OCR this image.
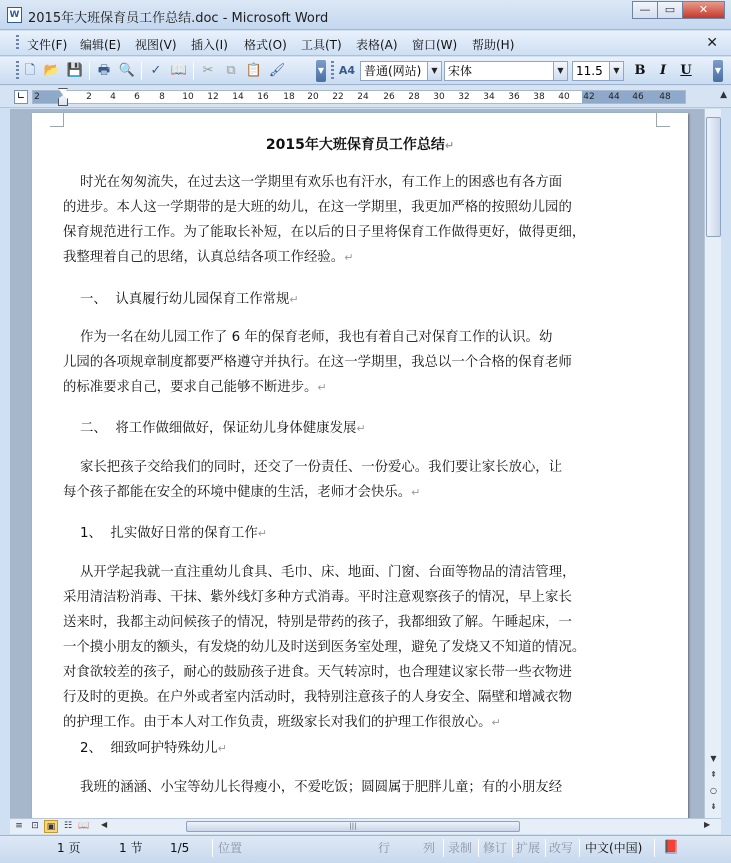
W 2015年大班保育员工作总结.doc - Microsoft Word
—	▭	✕
文件(F) 编辑(E) 视图(V) 插入(I) 格式(O) 工具(T) 表格(A) 窗口(W) 帮助(H)	✕
🗋 📂 💾 🖶 🔍 ✓ 📖 ✂ ⧉ 📋 🖌	▼ A4 普通(网站)	▼ 宋体	▼	11.5	▼ B	I	U	▼
∟ 2	2 4 6 8 10 12 14 16 18 20 22 24 26 28 30 32 34 36 38 40 42 44 46 48	▲
2015年大班保育员工作总结↵
时光在匆匆流失，在过去这一学期里有欢乐也有汗水，有工作上的困惑也有各方面
的进步。本人这一学期带的是大班的幼儿，在这一学期里，我更加严格的按照幼儿园的
保育规范进行工作。为了能取长补短，在以后的日子里将保育工作做得更好，做得更细，
我整理着自己的思绪，认真总结各项工作经验。↵
一、  认真履行幼儿园保育工作常规↵
作为一名在幼儿园工作了 6 年的保育老师，我也有着自己对保育工作的认识。幼
儿园的各项规章制度都要严格遵守并执行。在这一学期里，我总以一个合格的保育老师
的标准要求自己，要求自己能够不断进步。↵
二、  将工作做细做好，保证幼儿身体健康发展↵
家长把孩子交给我们的同时，还交了一份责任、一份爱心。我们要让家长放心，让
每个孩子都能在安全的环境中健康的生活，老师才会快乐。↵
1、  扎实做好日常的保育工作↵
从开学起我就一直注重幼儿食具、毛巾、床、地面、门窗、台面等物品的清洁管理，
采用清洁粉消毒、干抹、紫外线灯多种方式消毒。平时注意观察孩子的情况，早上家长
送来时，我都主动问候孩子的情况，特别是带药的孩子，我都细致了解。午睡起床，一
一个摸小朋友的额头，有发烧的幼儿及时送到医务室处理，避免了发烧又不知道的情况。
对食欲较差的孩子，耐心的鼓励孩子进食。天气转凉时，也合理建议家长带一些衣物进
行及时的更换。在户外或者室内活动时，我特别注意孩子的人身安全、隔壁和增减衣物
的护理工作。由于本人对工作负责，班级家长对我们的护理工作很放心。↵
2、  细致呵护特殊幼儿↵
我班的涵涵、小宝等幼儿长得瘦小，不爱吃饭；圆圆属于肥胖儿童；有的小朋友经
▼
⇞
○
⇟
≡ ⊡ ▣ ☷ 📖 ◀	|||	▶
1 页	1 节 1/5 位置	行	列 录制 修订 扩展 改写 中文(中国) 📕
